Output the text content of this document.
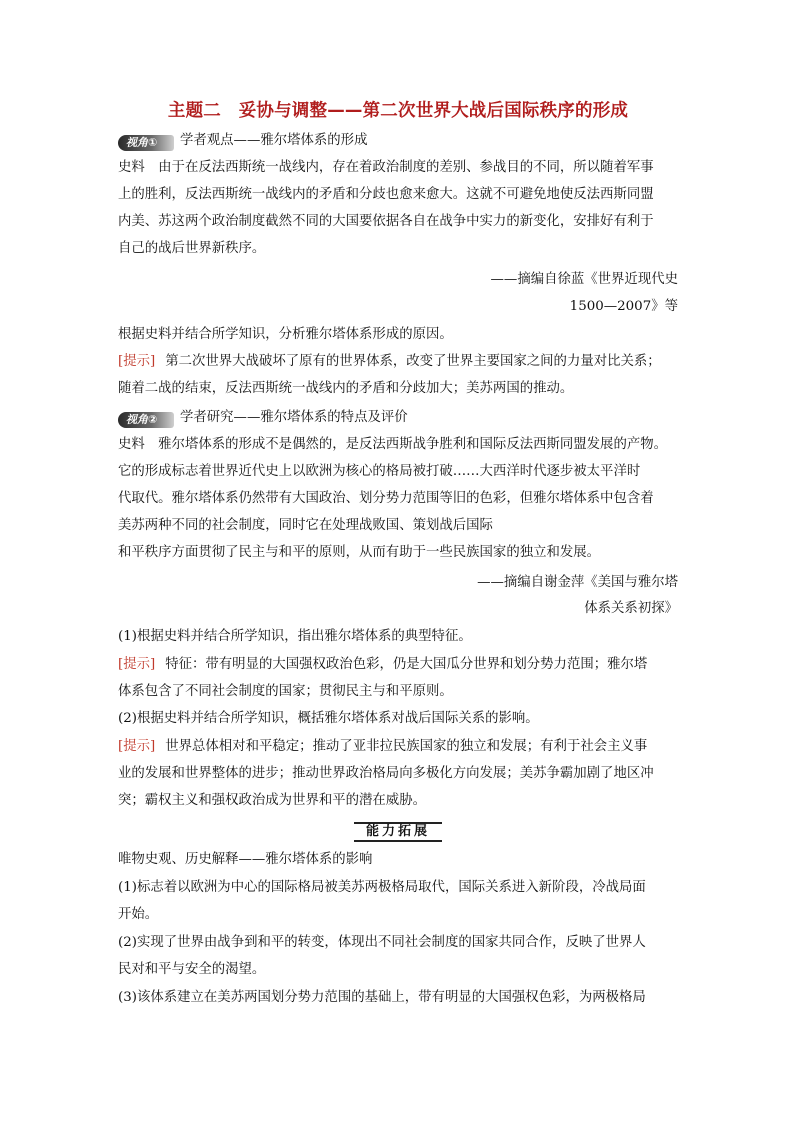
主题二　妥协与调整——第二次世界大战后国际秩序的形成
视角① 学者观点——雅尔塔体系的形成
史料　由于在反法西斯统一战线内，存在着政治制度的差别、参战目的不同，所以随着军事
上的胜利，反法西斯统一战线内的矛盾和分歧也愈来愈大。这就不可避免地使反法西斯同盟
内美、苏这两个政治制度截然不同的大国要依据各自在战争中实力的新变化，安排好有利于
自己的战后世界新秩序。
——摘编自徐蓝《世界近现代史
1500—2007》等
根据史料并结合所学知识，分析雅尔塔体系形成的原因。
[提示] 第二次世界大战破坏了原有的世界体系，改变了世界主要国家之间的力量对比关系；
随着二战的结束，反法西斯统一战线内的矛盾和分歧加大；美苏两国的推动。
视角② 学者研究——雅尔塔体系的特点及评价
史料　雅尔塔体系的形成不是偶然的，是反法西斯战争胜利和国际反法西斯同盟发展的产物。
它的形成标志着世界近代史上以欧洲为核心的格局被打破……大西洋时代逐步被太平洋时
代取代。雅尔塔体系仍然带有大国政治、划分势力范围等旧的色彩，但雅尔塔体系中包含着
美苏两种不同的社会制度，同时它在处理战败国、策划战后国际
和平秩序方面贯彻了民主与和平的原则，从而有助于一些民族国家的独立和发展。
——摘编自谢金萍《美国与雅尔塔
体系关系初探》
(1)根据史料并结合所学知识，指出雅尔塔体系的典型特征。
[提示] 特征：带有明显的大国强权政治色彩，仍是大国瓜分世界和划分势力范围；雅尔塔
体系包含了不同社会制度的国家；贯彻民主与和平原则。
(2)根据史料并结合所学知识，概括雅尔塔体系对战后国际关系的影响。
[提示] 世界总体相对和平稳定；推动了亚非拉民族国家的独立和发展；有利于社会主义事
业的发展和世界整体的进步；推动世界政治格局向多极化方向发展；美苏争霸加剧了地区冲
突；霸权主义和强权政治成为世界和平的潜在威胁。
能力拓展
唯物史观、历史解释——雅尔塔体系的影响
(1)标志着以欧洲为中心的国际格局被美苏两极格局取代，国际关系进入新阶段，冷战局面
开始。
(2)实现了世界由战争到和平的转变，体现出不同社会制度的国家共同合作，反映了世界人
民对和平与安全的渴望。
(3)该体系建立在美苏两国划分势力范围的基础上，带有明显的大国强权色彩，为两极格局
